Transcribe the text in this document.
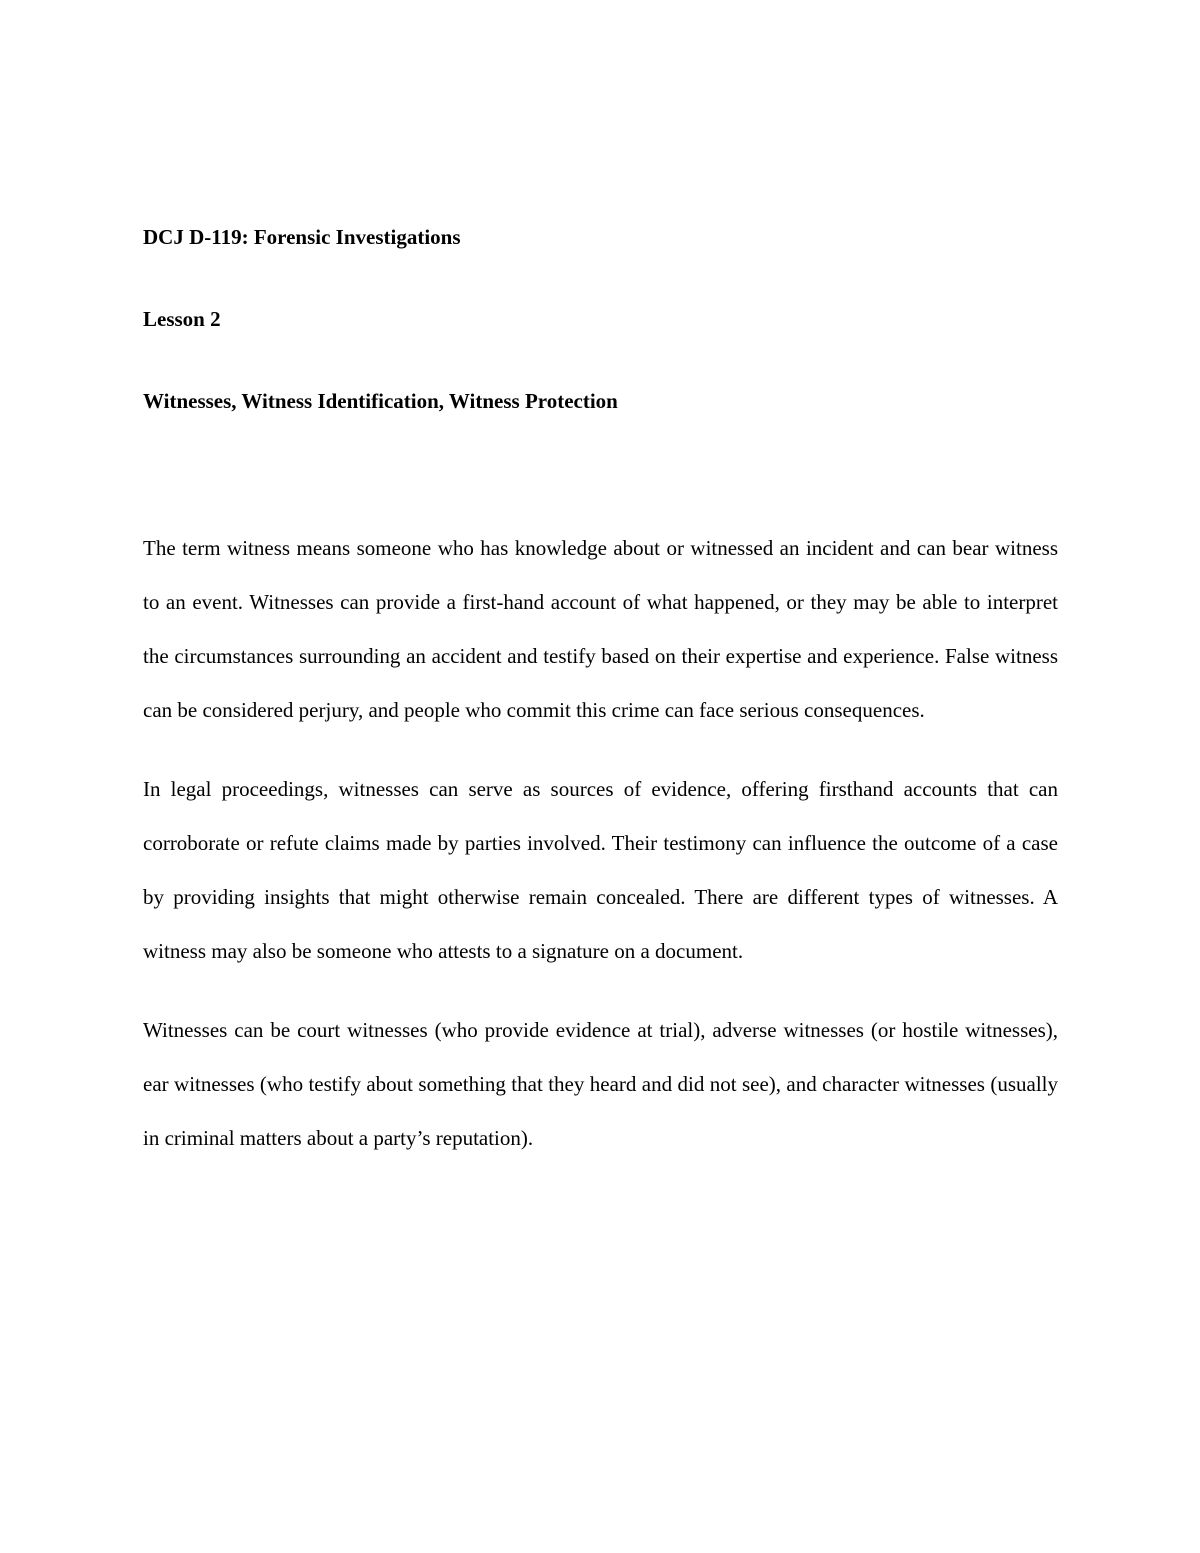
DCJ D-119: Forensic Investigations

Lesson 2

Witnesses, Witness Identification, Witness Protection

The term witness means someone who has knowledge about or witnessed an incident and can bear witness to an event. Witnesses can provide a first-hand account of what happened, or they may be able to interpret the circumstances surrounding an accident and testify based on their expertise and experience. False witness can be considered perjury, and people who commit this crime can face serious consequences.

In legal proceedings, witnesses can serve as sources of evidence, offering firsthand accounts that can corroborate or refute claims made by parties involved. Their testimony can influence the outcome of a case by providing insights that might otherwise remain concealed. There are different types of witnesses. A witness may also be someone who attests to a signature on a document.

Witnesses can be court witnesses (who provide evidence at trial), adverse witnesses (or hostile witnesses), ear witnesses (who testify about something that they heard and did not see), and character witnesses (usually in criminal matters about a party’s reputation).
